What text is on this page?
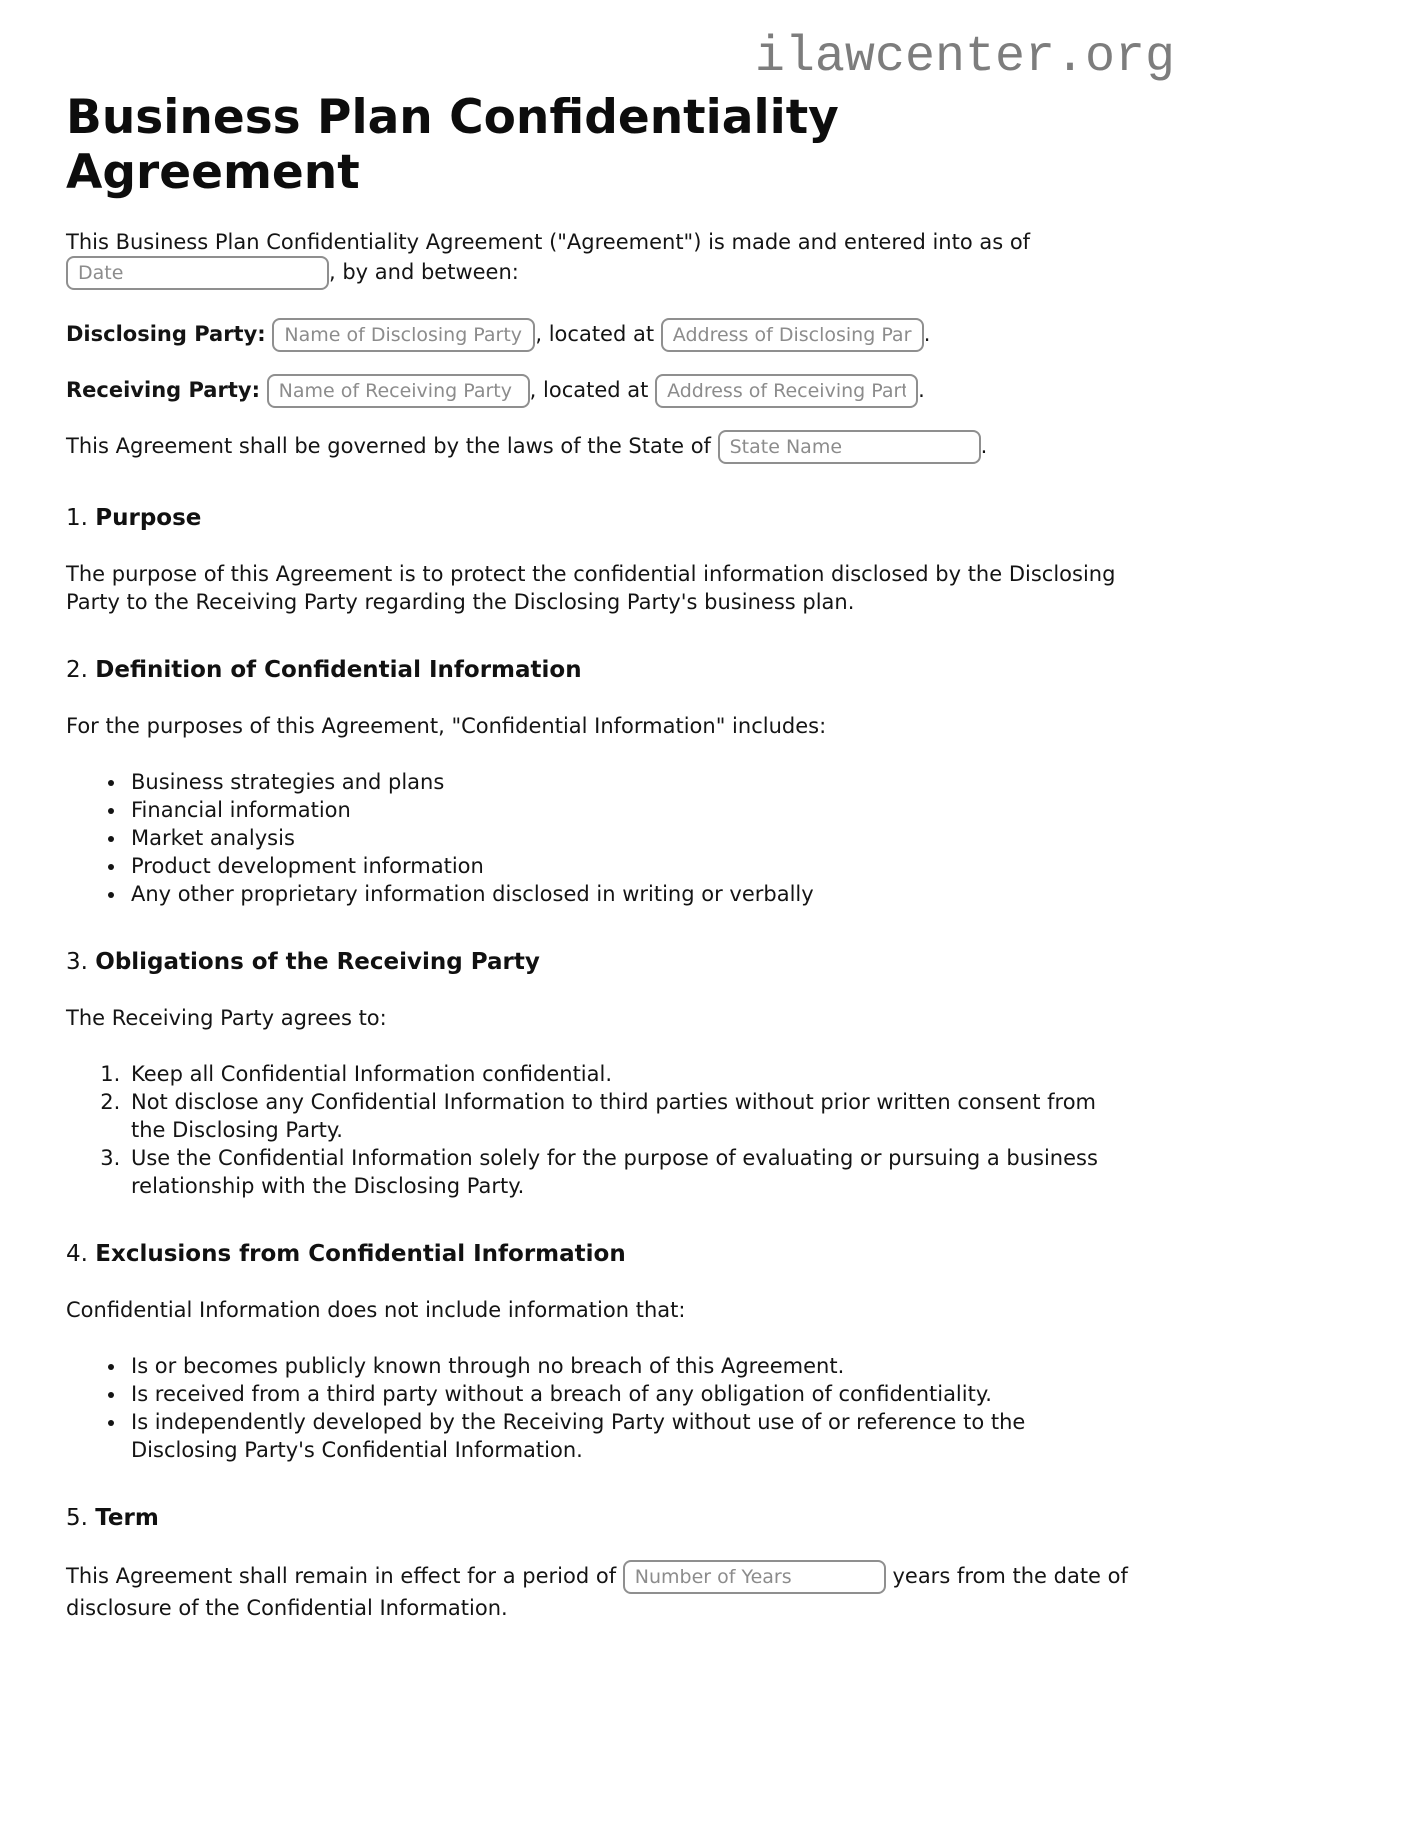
ilawcenter.org
Business Plan Confidentiality Agreement

This Business Plan Confidentiality Agreement ("Agreement") is made and entered into as of Date, by and between:

Disclosing Party: Name of Disclosing Party	, located at Address of Disclosing Party	.

Receiving Party: Name of Receiving Party	, located at Address of Receiving Party	.

This Agreement shall be governed by the laws of the State of State Name	.

1. Purpose

The purpose of this Agreement is to protect the confidential information disclosed by the Disclosing Party to the Receiving Party regarding the Disclosing Party's business plan.

2. Definition of Confidential Information

For the purposes of this Agreement, "Confidential Information" includes:

• Business strategies and plans
• Financial information
• Market analysis
• Product development information
• Any other proprietary information disclosed in writing or verbally
3. Obligations of the Receiving Party

The Receiving Party agrees to:

1. Keep all Confidential Information confidential.
2. Not disclose any Confidential Information to third parties without prior written consent from the Disclosing Party.
3. Use the Confidential Information solely for the purpose of evaluating or pursuing a business relationship with the Disclosing Party.
4. Exclusions from Confidential Information

Confidential Information does not include information that:

• Is or becomes publicly known through no breach of this Agreement.
• Is received from a third party without a breach of any obligation of confidentiality.
• Is independently developed by the Receiving Party without use of or reference to the Disclosing Party's Confidential Information.
5. Term

This Agreement shall remain in effect for a period of Number of Years	years from the date of disclosure of the Confidential Information.
